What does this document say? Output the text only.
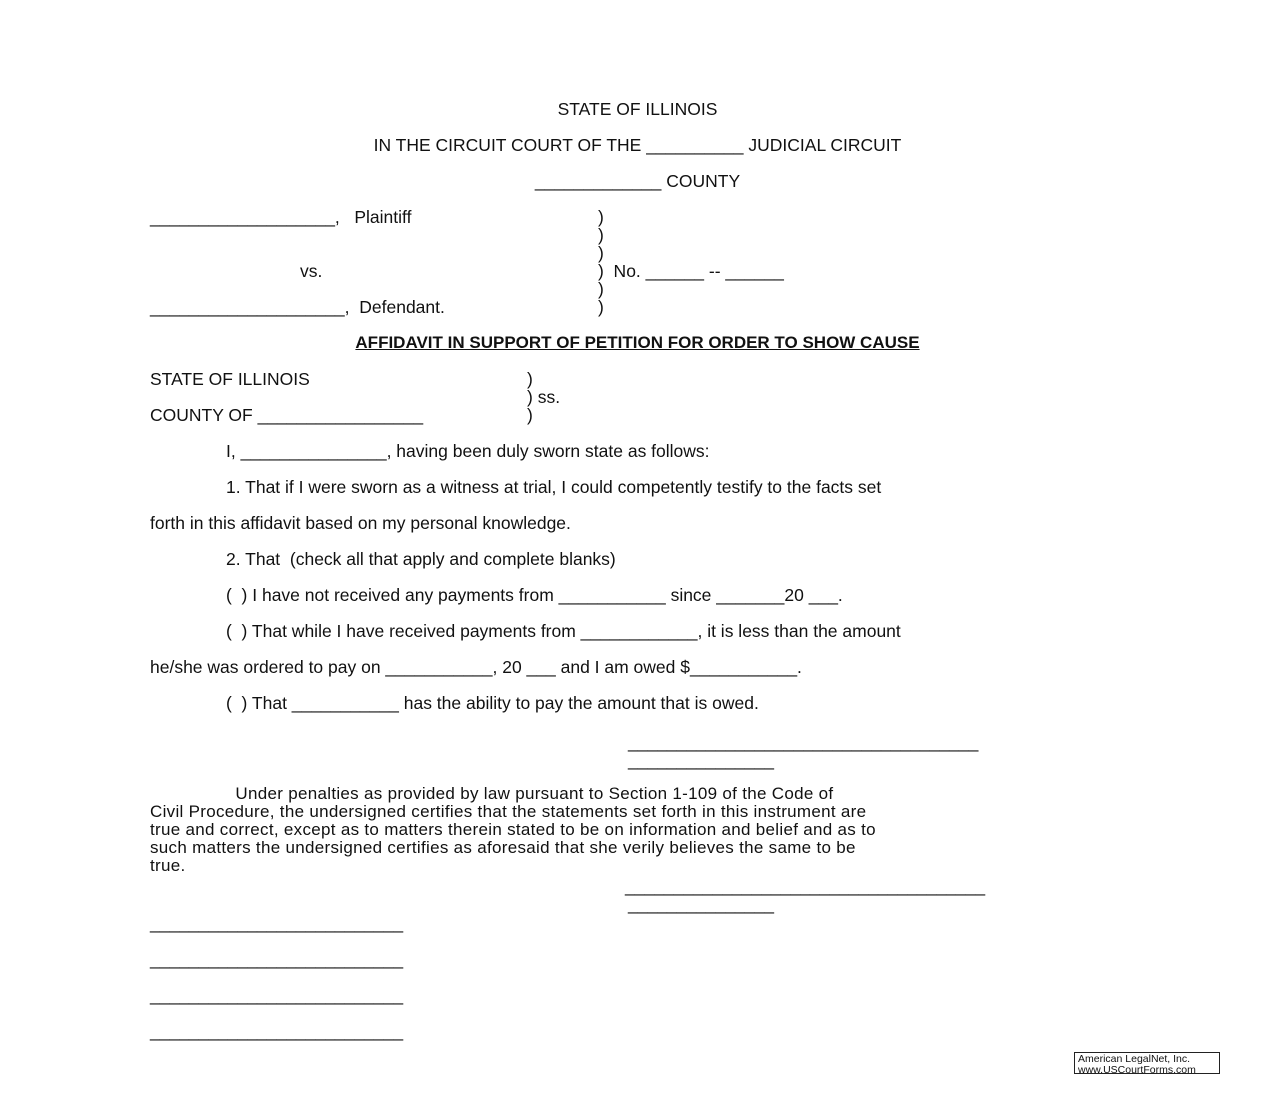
STATE OF ILLINOIS
IN THE CIRCUIT COURT OF THE __________ JUDICIAL CIRCUIT
_____________ COUNTY
___________________,   Plaintiff
vs.
____________________,  Defendant.
)
)
)
)  No. ______ -- ______
)
)
AFFIDAVIT IN SUPPORT OF PETITION FOR ORDER TO SHOW CAUSE
STATE OF ILLINOIS
COUNTY OF _________________
)
) ss.
)
I, _______________, having been duly sworn state as follows:
1. That if I were sworn as a witness at trial, I could competently testify to the facts set
forth in this affidavit based on my personal knowledge.
2. That  (check all that apply and complete blanks)
(  ) I have not received any payments from ___________ since _______20 ___.
(  ) That while I have received payments from ____________, it is less than the amount
he/she was ordered to pay on ___________, 20 ___ and I am owed $___________.
(  ) That ___________ has the ability to pay the amount that is owed.
____________________________________
_______________
Under penalties as provided by law pursuant to Section 1-109 of the Code of
Civil Procedure, the undersigned certifies that the statements set forth in this instrument are
true and correct, except as to matters therein stated to be on information and belief and as to
such matters the undersigned certifies as aforesaid that she verily believes the same to be
true.
_____________________________________
_______________
__________________________
__________________________
__________________________
__________________________
American LegalNet, Inc.
www.USCourtForms.com
